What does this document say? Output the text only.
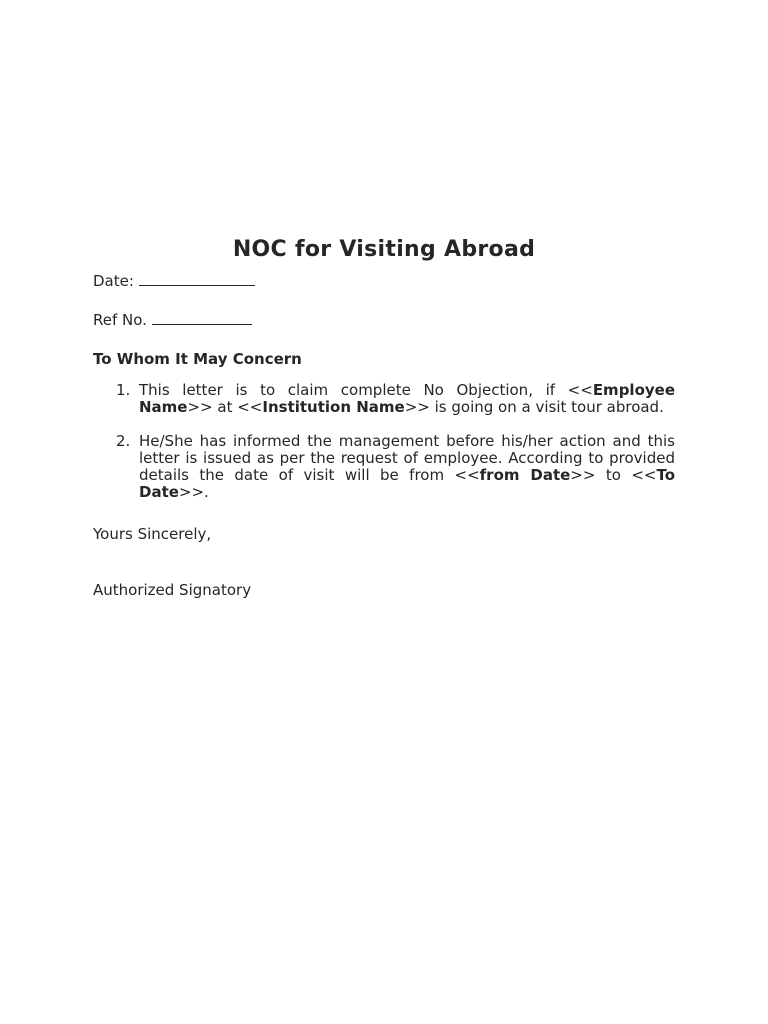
NOC for Visiting Abroad
Date:
Ref No.
To Whom It May Concern
1. This letter is to claim complete No Objection, if <<Employee Name>> at <<Institution Name>> is going on a visit tour abroad.
2. He/She has informed the management before his/her action and this letter is issued as per the request of employee. According to provided details the date of visit will be from <<from Date>> to <<To Date>>.
Yours Sincerely,
Authorized Signatory
